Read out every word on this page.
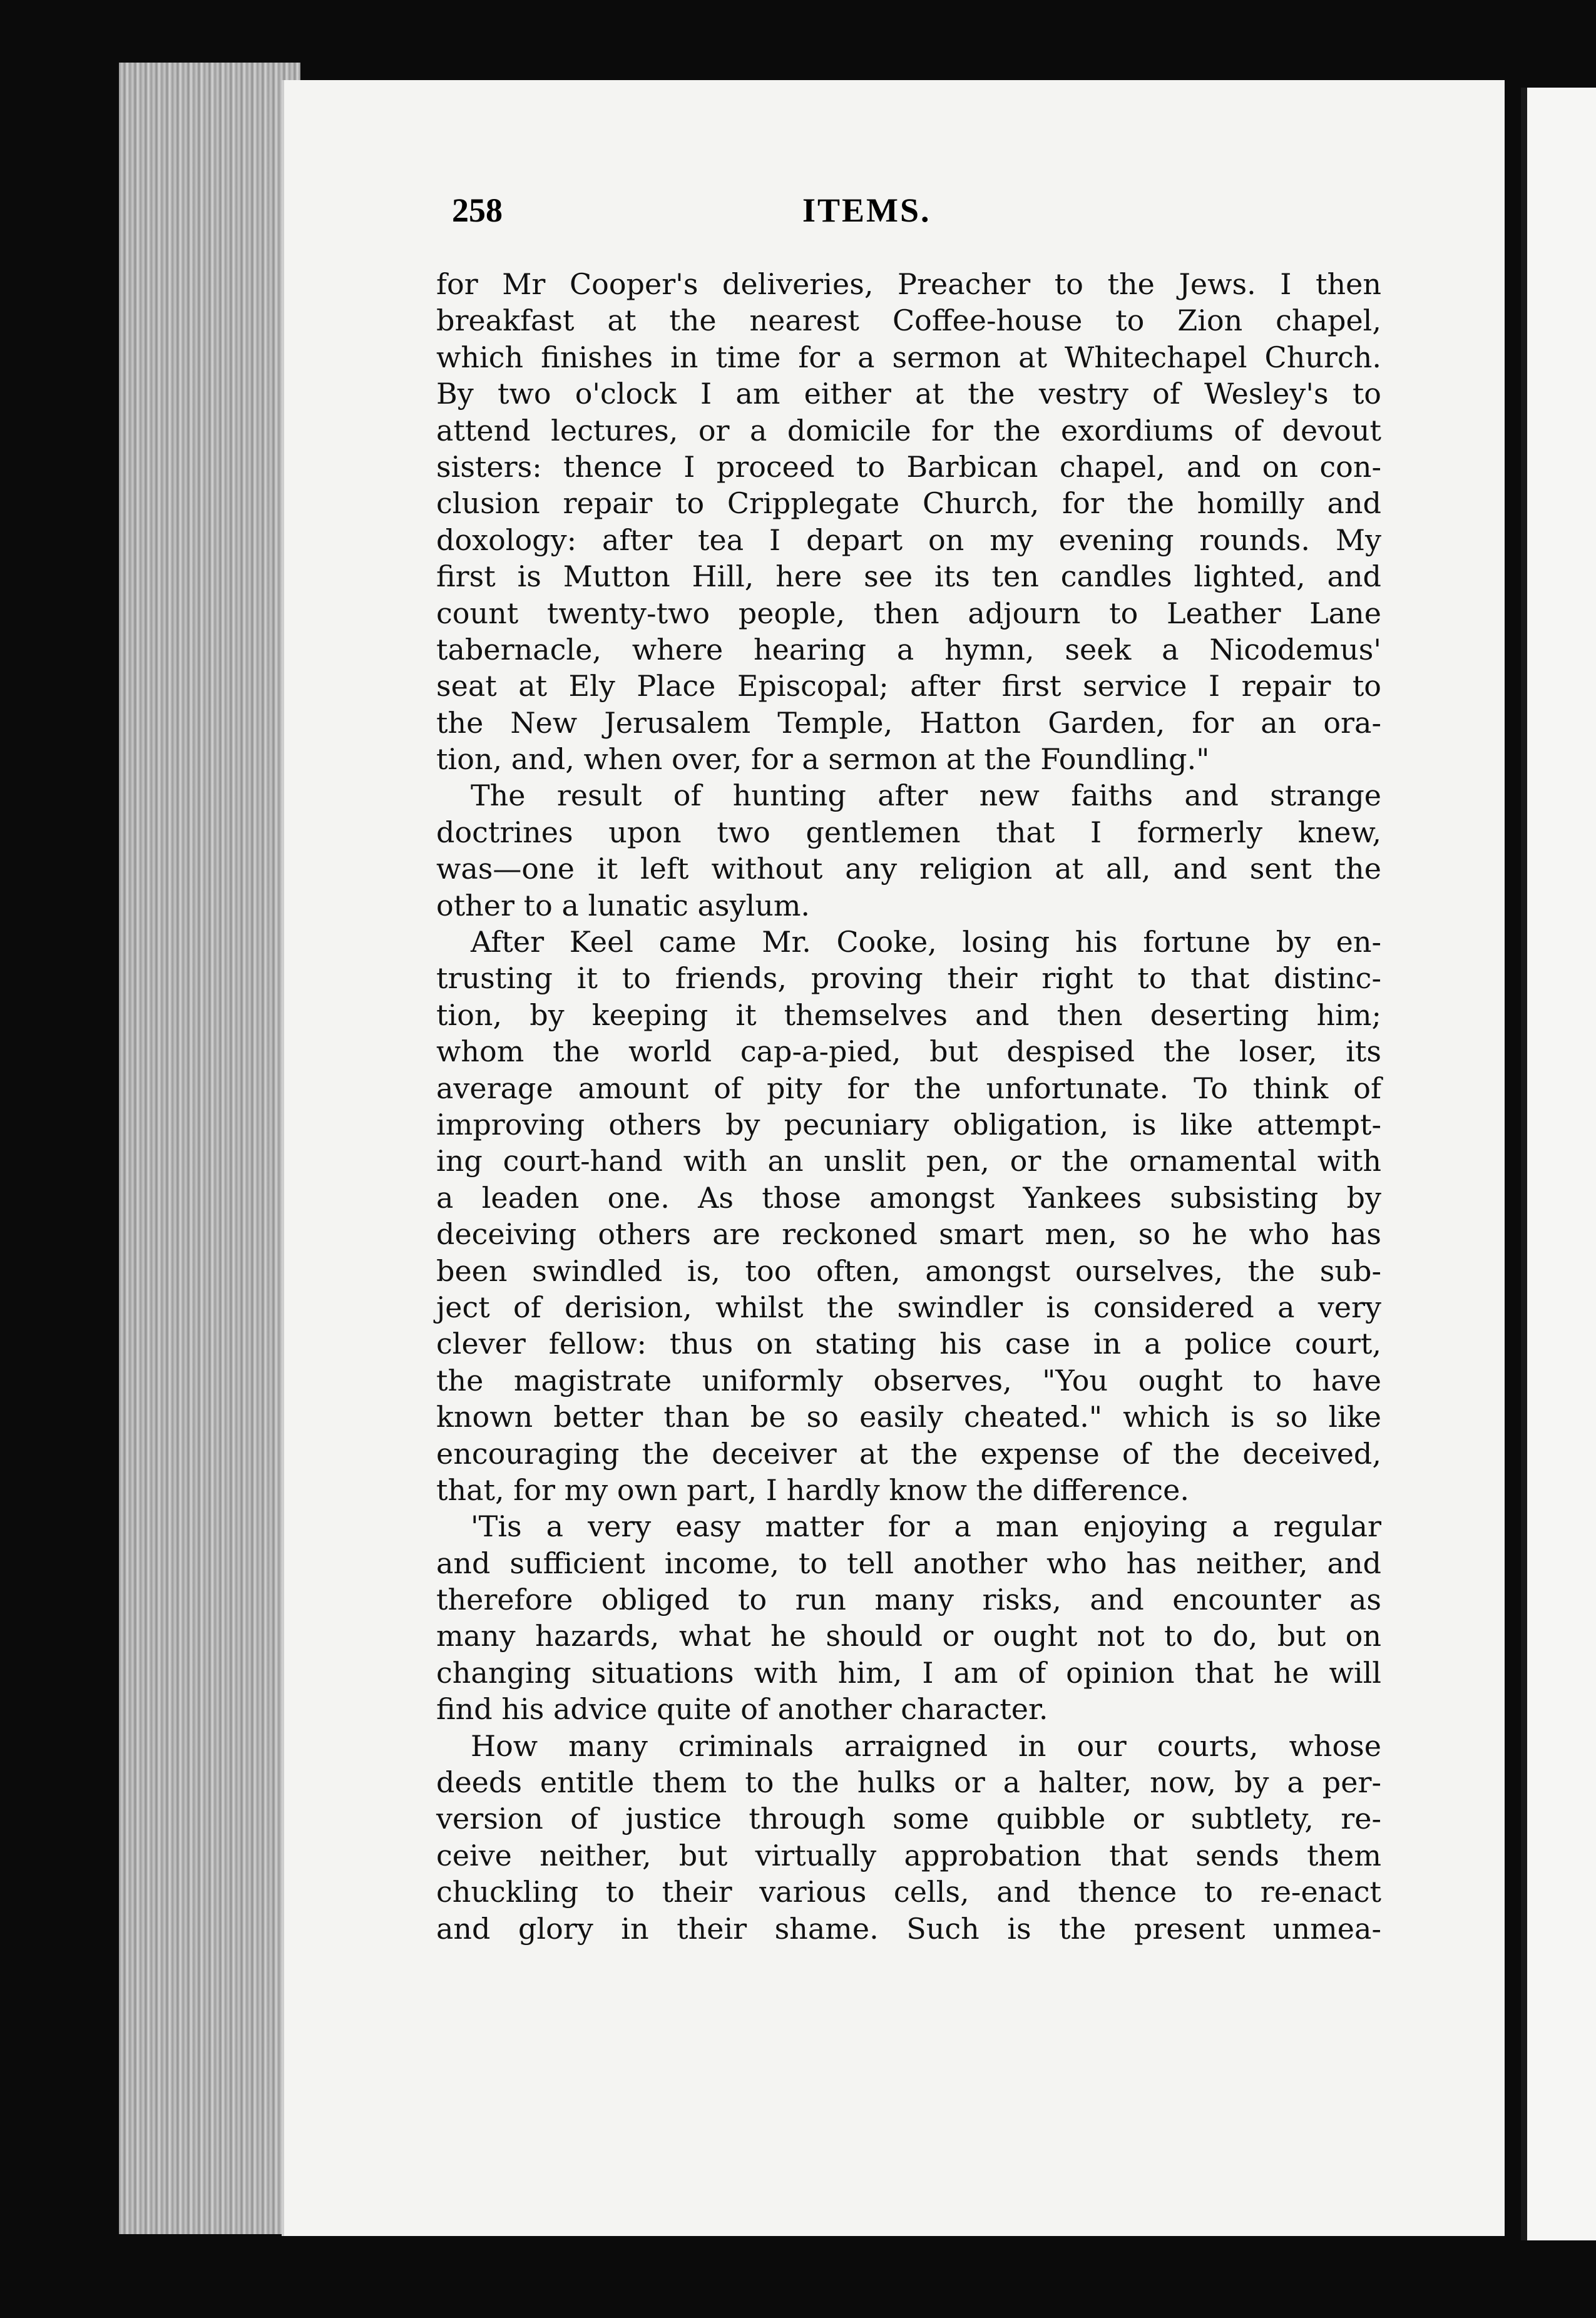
258	ITEMS.
for Mr Cooper's deliveries, Preacher to the Jews. I then
breakfast at the nearest Coffee-house to Zion chapel,
which finishes in time for a sermon at Whitechapel Church.
By two o'clock I am either at the vestry of Wesley's to
attend lectures, or a domicile for the exordiums of devout
sisters: thence I proceed to Barbican chapel, and on con-
clusion repair to Cripplegate Church, for the homilly and
doxology: after tea I depart on my evening rounds. My
first is Mutton Hill, here see its ten candles lighted, and
count twenty-two people, then adjourn to Leather Lane
tabernacle, where hearing a hymn, seek a Nicodemus'
seat at Ely Place Episcopal; after first service I repair to
the New Jerusalem Temple, Hatton Garden, for an ora-
tion, and, when over, for a sermon at the Foundling."
The result of hunting after new faiths and strange
doctrines upon two gentlemen that I formerly knew,
was—one it left without any religion at all, and sent the
other to a lunatic asylum.
After Keel came Mr. Cooke, losing his fortune by en-
trusting it to friends, proving their right to that distinc-
tion, by keeping it themselves and then deserting him;
whom the world cap-a-pied, but despised the loser, its
average amount of pity for the unfortunate. To think of
improving others by pecuniary obligation, is like attempt-
ing court-hand with an unslit pen, or the ornamental with
a leaden one. As those amongst Yankees subsisting by
deceiving others are reckoned smart men, so he who has
been swindled is, too often, amongst ourselves, the sub-
ject of derision, whilst the swindler is considered a very
clever fellow: thus on stating his case in a police court,
the magistrate uniformly observes, "You ought to have
known better than be so easily cheated." which is so like
encouraging the deceiver at the expense of the deceived,
that, for my own part, I hardly know the difference.
'Tis a very easy matter for a man enjoying a regular
and sufficient income, to tell another who has neither, and
therefore obliged to run many risks, and encounter as
many hazards, what he should or ought not to do, but on
changing situations with him, I am of opinion that he will
find his advice quite of another character.
How many criminals arraigned in our courts, whose
deeds entitle them to the hulks or a halter, now, by a per-
version of justice through some quibble or subtlety, re-
ceive neither, but virtually approbation that sends them
chuckling to their various cells, and thence to re-enact
and glory in their shame. Such is the present unmea-
